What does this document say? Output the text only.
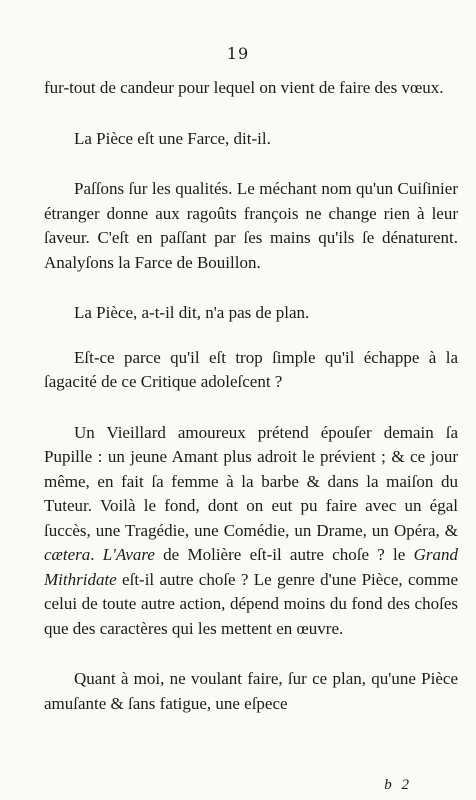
19

fur-tout de candeur pour lequel on vient de faire des vœux.

La Pièce eſt une Farce, dit-il.

Paſſons ſur les qualités. Le méchant nom qu'un Cuiſinier étranger donne aux ragoûts françois ne change rien à leur ſaveur. C'eſt en paſſant par ſes mains qu'ils ſe dénaturent. Analyſons la Farce de Bouillon.

La Pièce, a-t-il dit, n'a pas de plan.

Eſt-ce parce qu'il eſt trop ſimple qu'il échappe à la ſagacité de ce Critique adoleſcent ?

Un Vieillard amoureux prétend épouſer demain ſa Pupille : un jeune Amant plus adroit le prévient ; & ce jour même, en fait ſa femme à la barbe & dans la maiſon du Tuteur. Voilà le fond, dont on eut pu faire avec un égal ſuccès, une Tragédie, une Comédie, un Drame, un Opéra, & cætera. L'Avare de Molière eſt-il autre choſe ? le Grand Mithridate eſt-il autre choſe ? Le genre d'une Pièce, comme celui de toute autre action, dépend moins du fond des choſes que des caractères qui les mettent en œuvre.

Quant à moi, ne voulant faire, ſur ce plan, qu'une Pièce amuſante & ſans fatigue, une eſpece

b 2
